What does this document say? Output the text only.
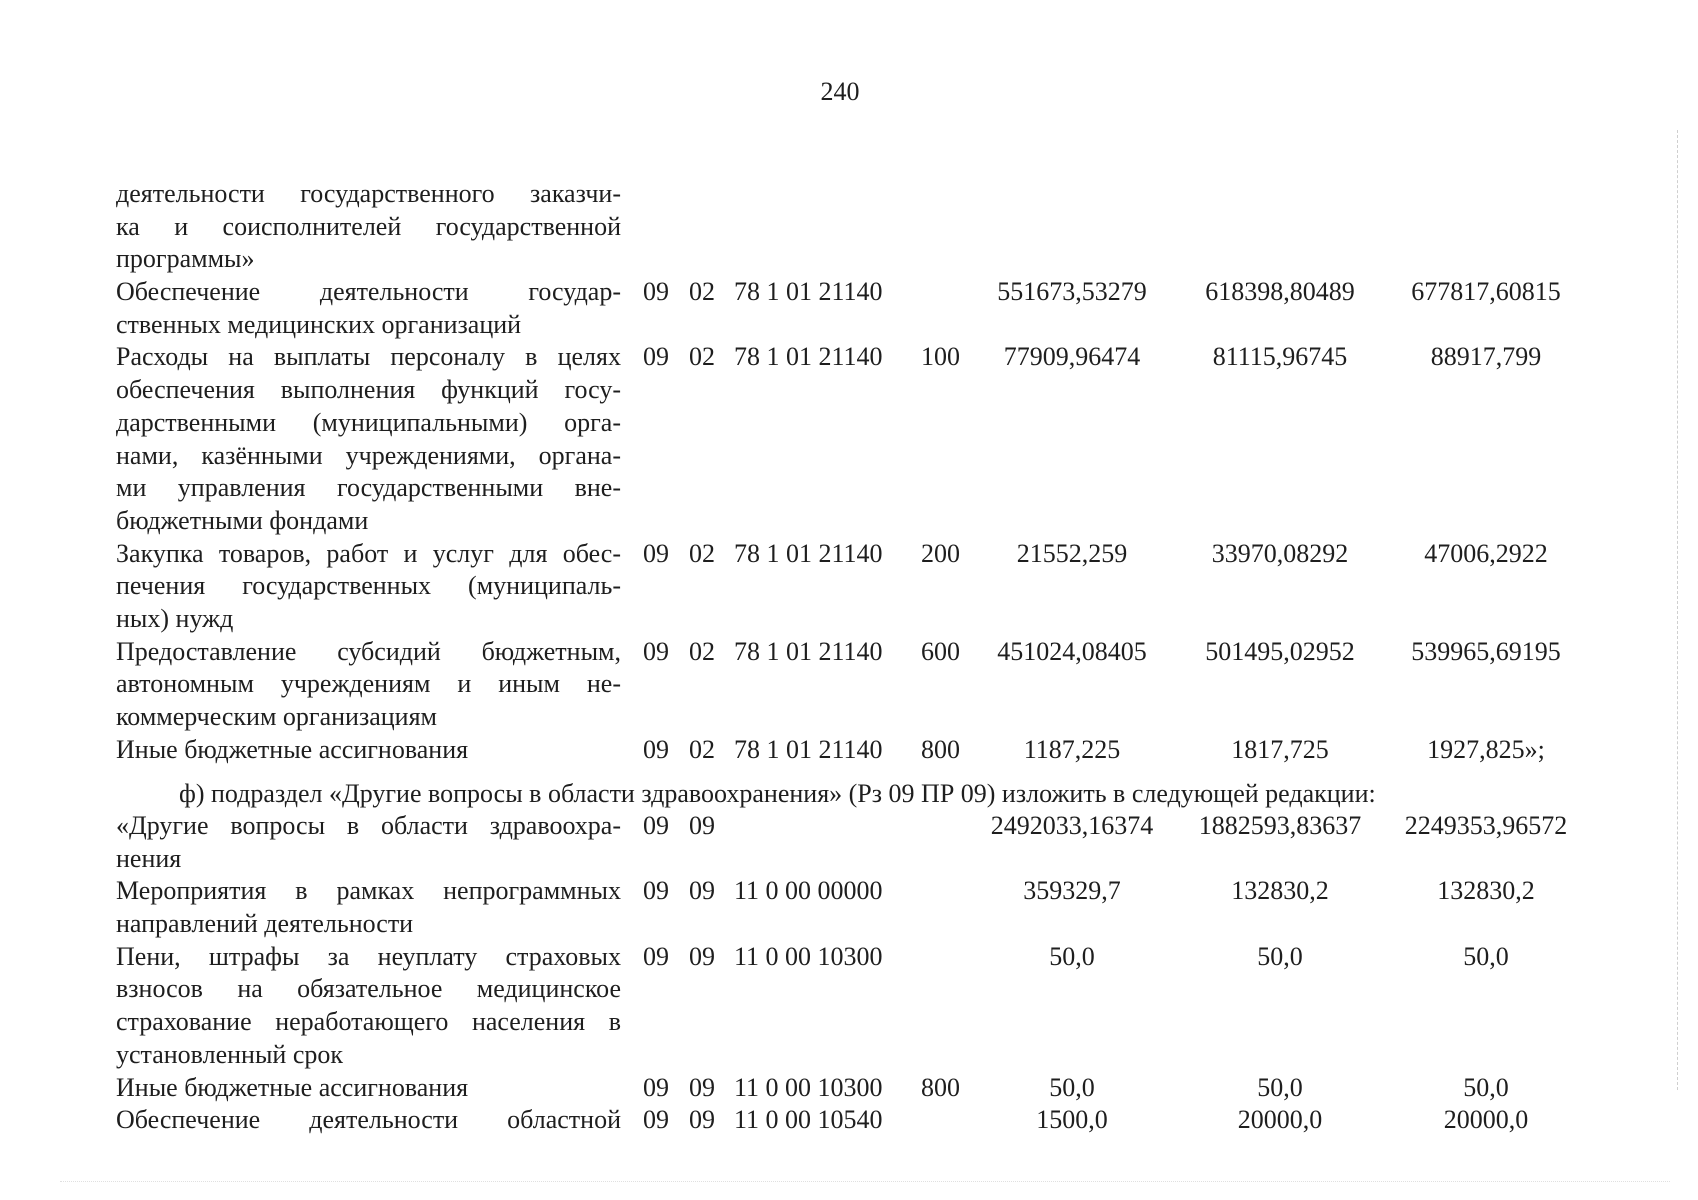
240
деятельности государственного заказчи-
ка и соисполнителей государственной
программы»
Обеспечение деятельности государ-
ственных медицинских организаций
09 02 78 1 01 21140	551673,53279	618398,80489	677817,60815
Расходы на выплаты персоналу в целях
обеспечения выполнения функций госу-
дарственными (муниципальными) орга-
нами, казёнными учреждениями, органа-
ми управления государственными вне-
бюджетными фондами
09 02 78 1 01 21140 100	77909,96474	81115,96745	88917,799
Закупка товаров, работ и услуг для обес-
печения государственных (муниципаль-
ных) нужд
09 02 78 1 01 21140 200	21552,259	33970,08292	47006,2922
Предоставление субсидий бюджетным,
автономным учреждениям и иным не-
коммерческим организациям
09 02 78 1 01 21140 600	451024,08405	501495,02952	539965,69195
Иные бюджетные ассигнования	09 02 78 1 01 21140 800	1187,225	1817,725	1927,825»;
ф) подраздел «Другие вопросы в области здравоохранения» (Рз 09 ПР 09) изложить в следующей редакции:
«Другие вопросы в области здравоохра-
нения
09 09	2492033,16374	1882593,83637	2249353,96572
Мероприятия в рамках непрограммных
направлений деятельности
09 09 11 0 00 00000	359329,7	132830,2	132830,2
Пени, штрафы за неуплату страховых
взносов на обязательное медицинское
страхование неработающего населения в
установленный срок
09 09 11 0 00 10300	50,0	50,0	50,0
Иные бюджетные ассигнования	09 09 11 0 00 10300 800	50,0	50,0	50,0
Обеспечение деятельности областной 09 09 11 0 00 10540	1500,0	20000,0	20000,0
